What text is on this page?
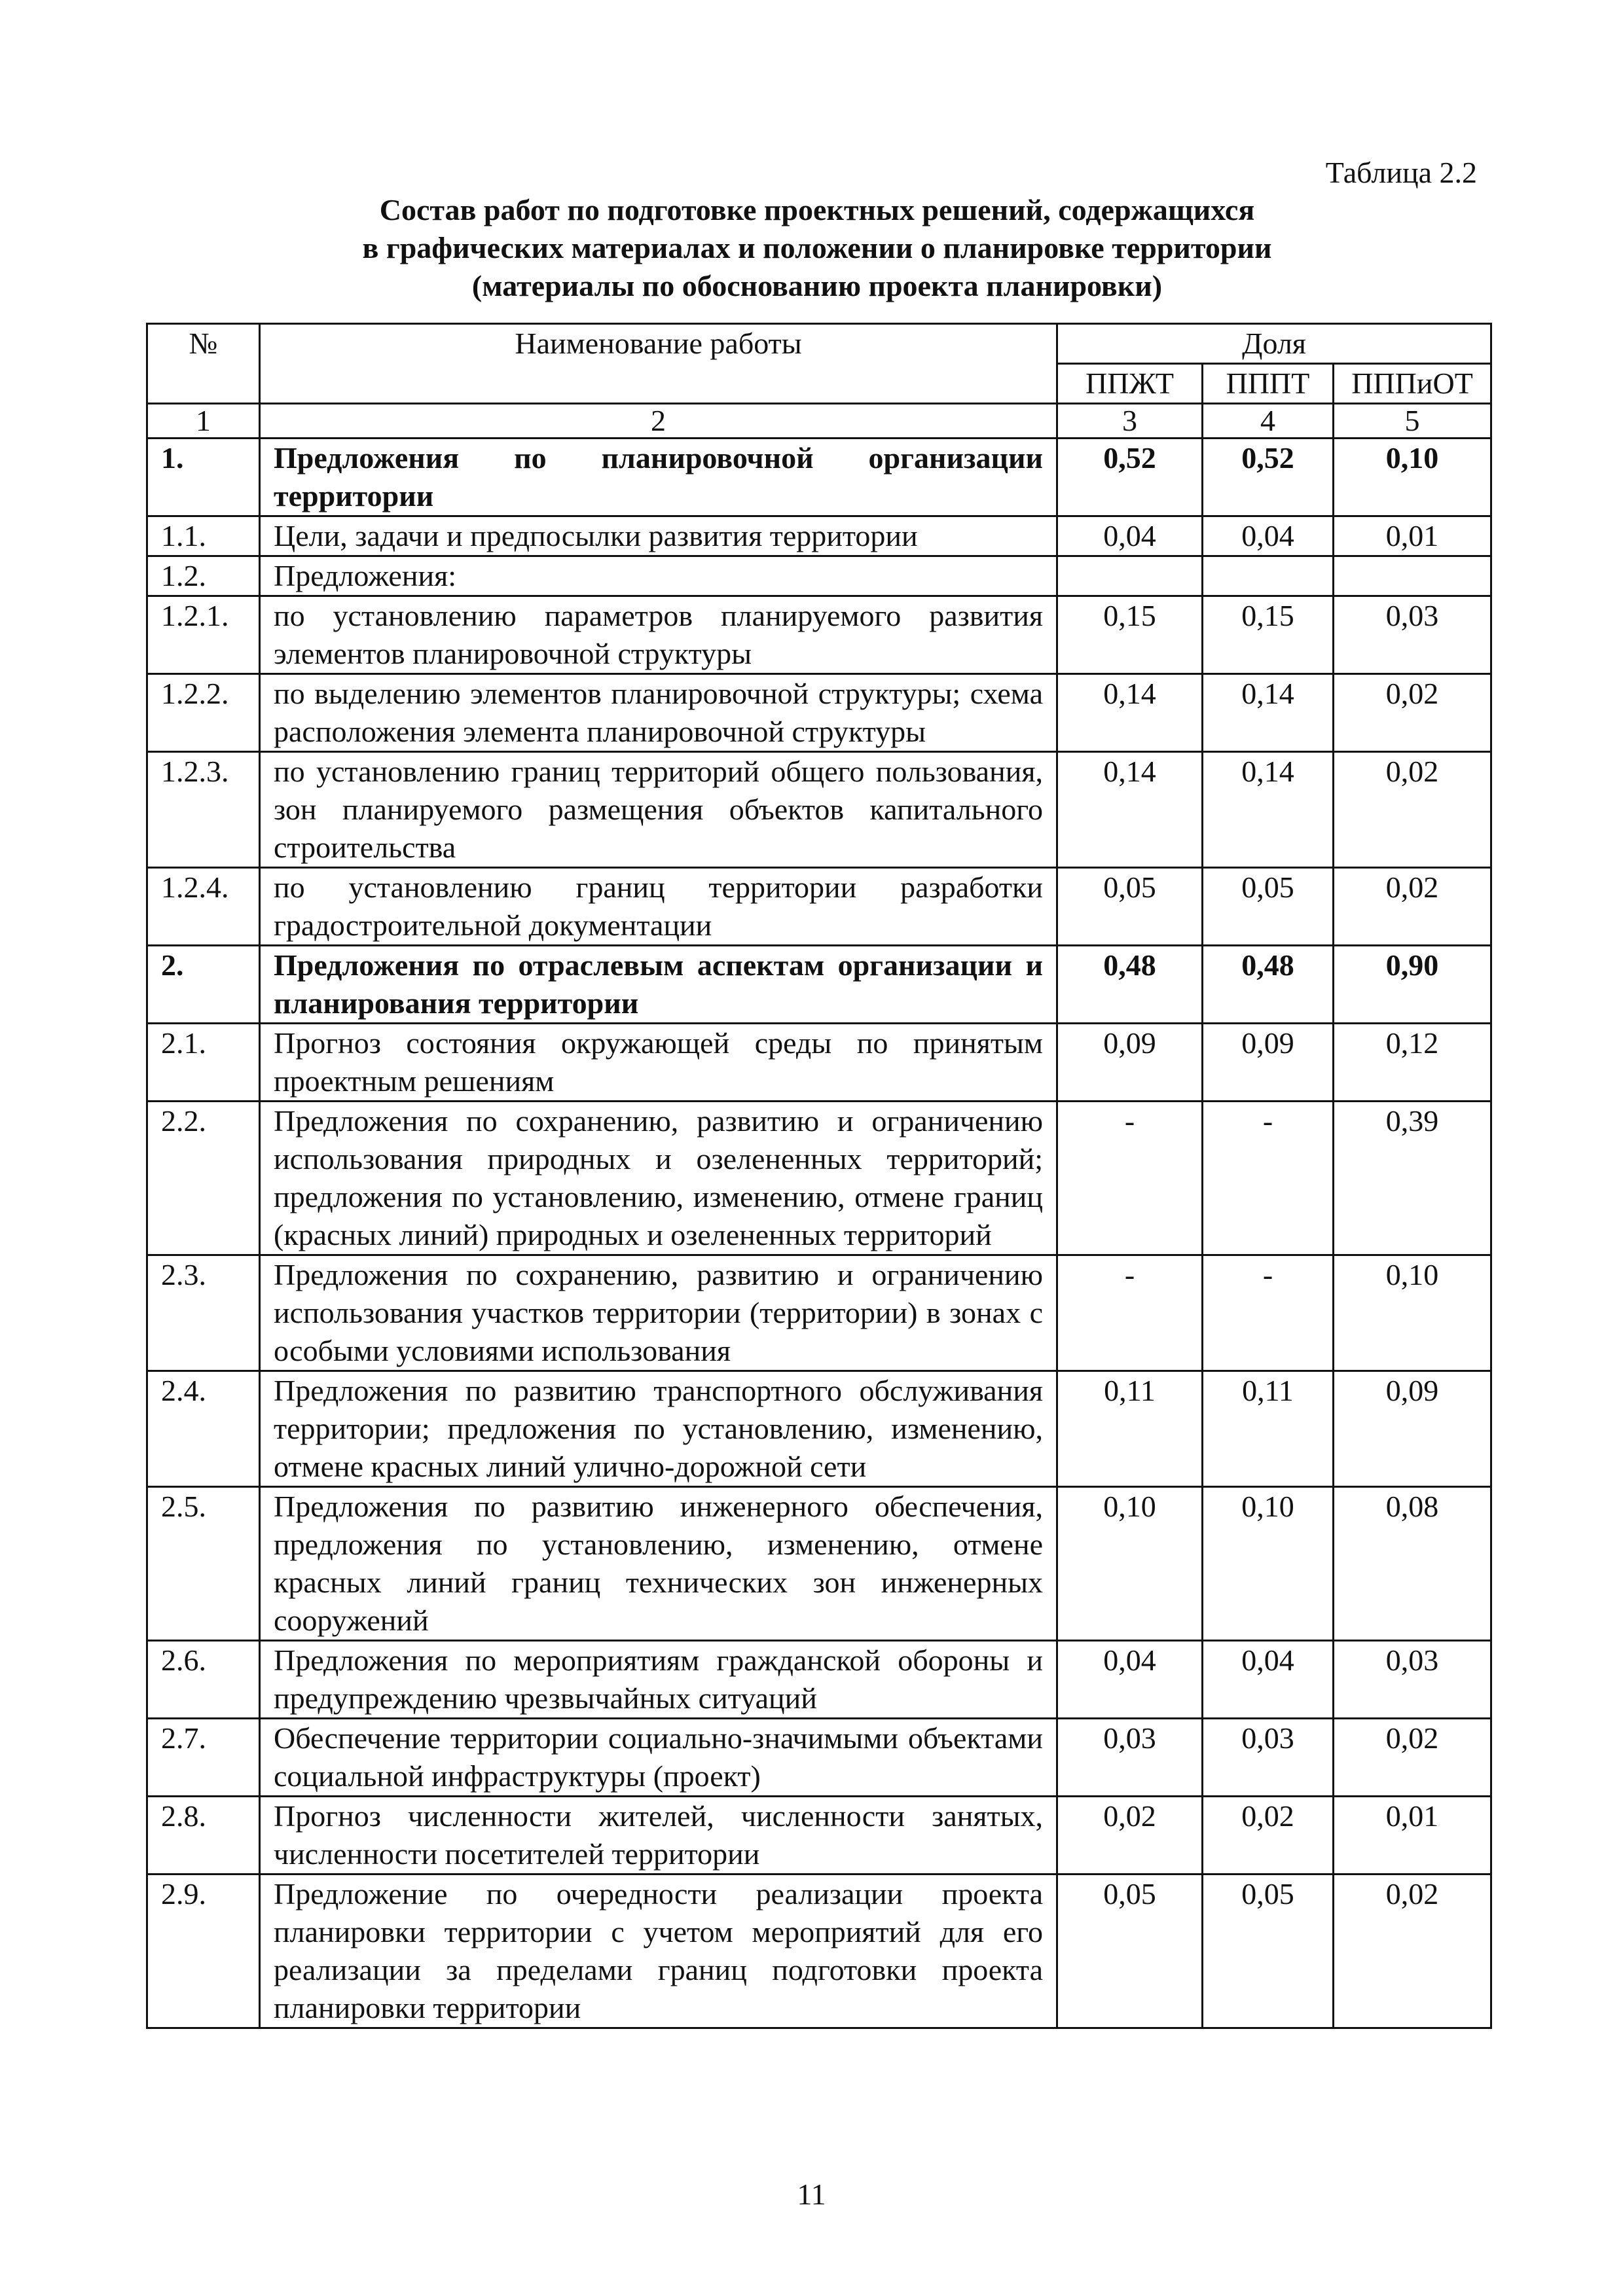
Таблица 2.2
Состав работ по подготовке проектных решений, содержащихся
в графических материалах и положении о планировке территории
(материалы по обоснованию проекта планировки)
№	Наименование работы	Доля		
		ППЖТ	ПППТ	ПППиОТ
1	2	3	4	5
1.	Предложения по планировочной организации территории	0,52	0,52	0,10
1.1.	Цели, задачи и предпосылки развития территории	0,04	0,04	0,01
1.2.	Предложения:			
1.2.1.	по установлению параметров планируемого развития элементов планировочной структуры	0,15	0,15	0,03
1.2.2.	по выделению элементов планировочной структуры; схема расположения элемента планировочной структуры	0,14	0,14	0,02
1.2.3.	по установлению границ территорий общего пользования, зон планируемого размещения объектов капитального строительства	0,14	0,14	0,02
1.2.4.	по установлению границ территории разработки градостроительной документации	0,05	0,05	0,02
2.	Предложения по отраслевым аспектам организации и планирования территории	0,48	0,48	0,90
2.1.	Прогноз состояния окружающей среды по принятым проектным решениям	0,09	0,09	0,12
2.2.	Предложения по сохранению, развитию и ограничению использования природных и озелененных территорий; предложения по установлению, изменению, отмене границ (красных линий) природных и озелененных территорий	-	-	0,39
2.3.	Предложения по сохранению, развитию и ограничению использования участков территории (территории) в зонах с особыми условиями использования	-	-	0,10
2.4.	Предложения по развитию транспортного обслуживания территории; предложения по установлению, изменению, отмене красных линий улично-дорожной сети	0,11	0,11	0,09
2.5.	Предложения по развитию инженерного обеспечения, предложения по установлению, изменению, отмене красных линий границ технических зон инженерных сооружений	0,10	0,10	0,08
2.6.	Предложения по мероприятиям гражданской обороны и предупреждению чрезвычайных ситуаций	0,04	0,04	0,03
2.7.	Обеспечение территории социально-значимыми объектами социальной инфраструктуры (проект)	0,03	0,03	0,02
2.8.	Прогноз численности жителей, численности занятых, численности посетителей территории	0,02	0,02	0,01
2.9.	Предложение по очередности реализации проекта планировки территории с учетом мероприятий для его реализации за пределами границ подготовки проекта планировки территории	0,05	0,05	0,02
11
